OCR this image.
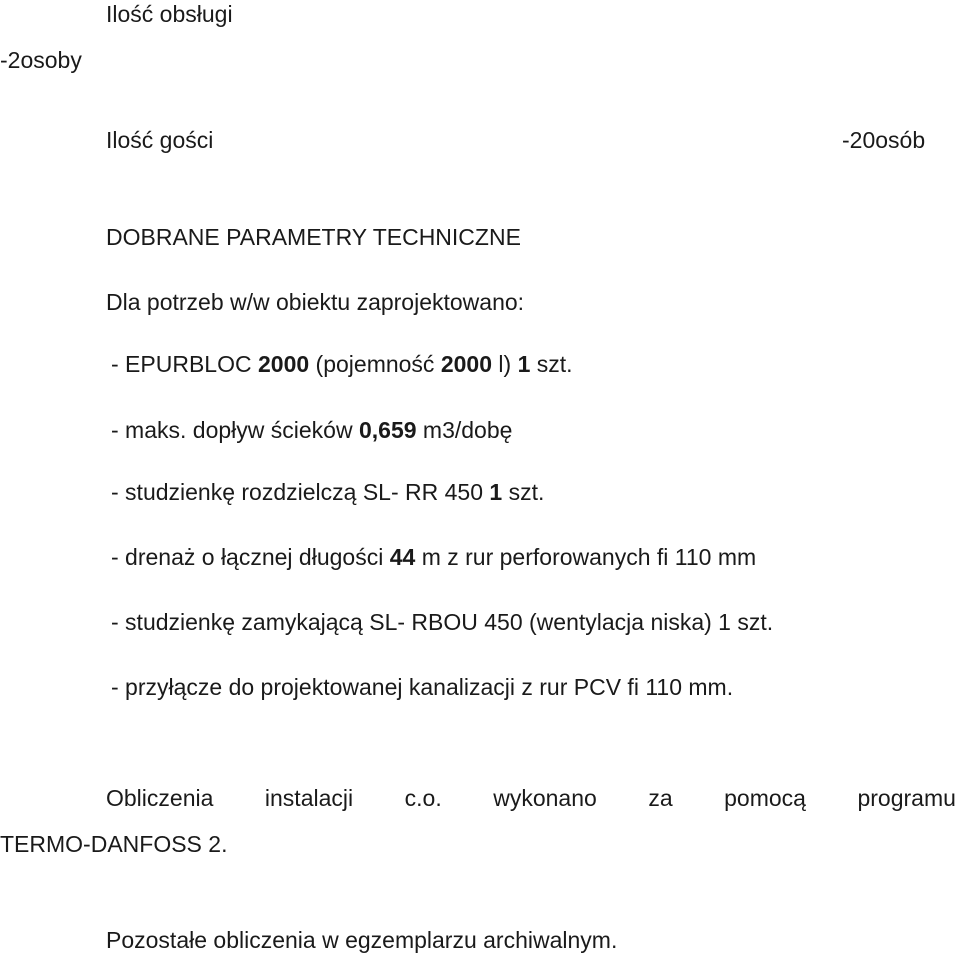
Ilość obsługi
-2osoby
Ilość gości	-20osób
DOBRANE PARAMETRY TECHNICZNE
Dla potrzeb w/w obiektu zaprojektowano:
- EPURBLOC 2000 (pojemność 2000 l) 1 szt.
- maks. dopływ ścieków 0,659 m3/dobę
- studzienkę rozdzielczą SL- RR 450 1 szt.
- drenaż o łącznej długości 44 m z rur perforowanych fi 110 mm
- studzienkę zamykającą SL- RBOU 450 (wentylacja niska) 1 szt.
- przyłącze do projektowanej kanalizacji z rur PCV fi 110 mm.
Obliczenia instalacji c.o. wykonano za pomocą programu
TERMO-DANFOSS 2.
Pozostałe obliczenia w egzemplarzu archiwalnym.
